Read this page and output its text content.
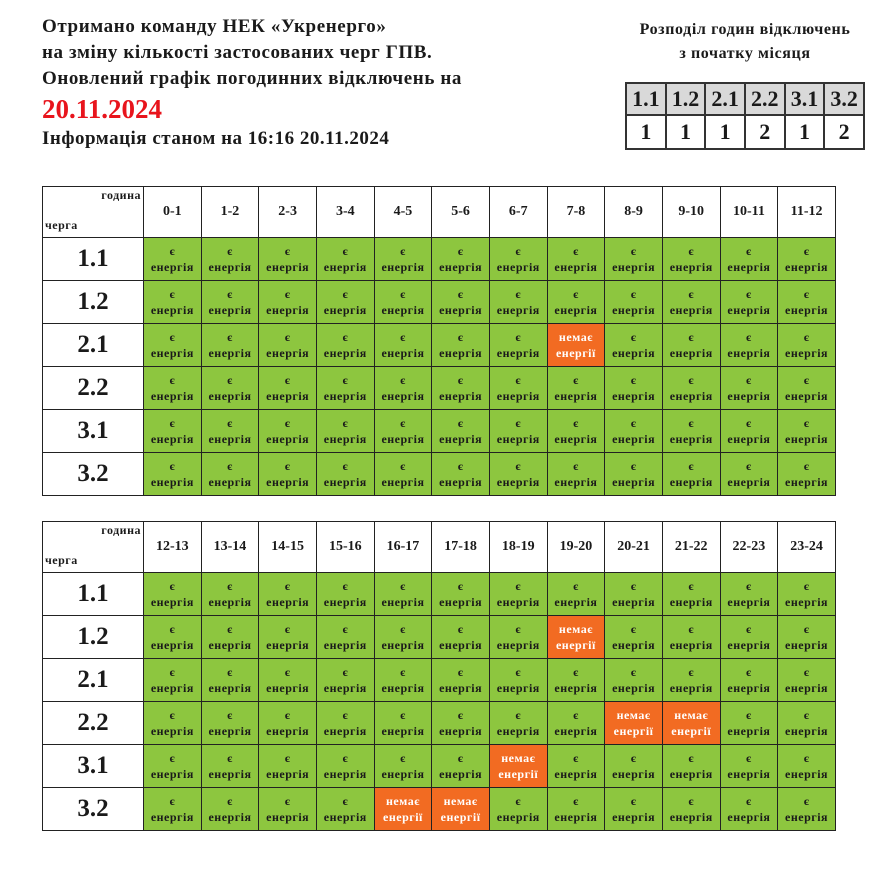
Отримано команду НЕК «Укренерго»
на зміну кількості застосованих черг ГПВ.
Оновлений графік погодинних відключень на
20.11.2024
Інформація станом на 16:16 20.11.2024
Розподіл годин відключень
з початку місяця
1.1	1.2	2.1	2.2	3.1	3.2
1	1	1	2	1	2
година
черга	0-1	1-2	2-3	3-4	4-5	5-6	6-7	7-8	8-9	9-10	10-11	11-12
1.1	є
енергія	є
енергія	є
енергія	є
енергія	є
енергія	є
енергія	є
енергія	є
енергія	є
енергія	є
енергія	є
енергія	є
енергія

1.2	є
енергія	є
енергія	є
енергія	є
енергія	є
енергія	є
енергія	є
енергія	є
енергія	є
енергія	є
енергія	є
енергія	є
енергія

2.1	є
енергія	є
енергія	є
енергія	є
енергія	є
енергія	є
енергія	є
енергія	немає
енергії	є
енергія	є
енергія	є
енергія	є
енергія

2.2	є
енергія	є
енергія	є
енергія	є
енергія	є
енергія	є
енергія	є
енергія	є
енергія	є
енергія	є
енергія	є
енергія	є
енергія

3.1	є
енергія	є
енергія	є
енергія	є
енергія	є
енергія	є
енергія	є
енергія	є
енергія	є
енергія	є
енергія	є
енергія	є
енергія

3.2	є
енергія	є
енергія	є
енергія	є
енергія	є
енергія	є
енергія	є
енергія	є
енергія	є
енергія	є
енергія	є
енергія	є
енергія
година
черга	12-13	13-14	14-15	15-16	16-17	17-18	18-19	19-20	20-21	21-22	22-23	23-24
1.1	є
енергія	є
енергія	є
енергія	є
енергія	є
енергія	є
енергія	є
енергія	є
енергія	є
енергія	є
енергія	є
енергія	є
енергія

1.2	є
енергія	є
енергія	є
енергія	є
енергія	є
енергія	є
енергія	є
енергія	немає
енергії	є
енергія	є
енергія	є
енергія	є
енергія

2.1	є
енергія	є
енергія	є
енергія	є
енергія	є
енергія	є
енергія	є
енергія	є
енергія	є
енергія	є
енергія	є
енергія	є
енергія

2.2	є
енергія	є
енергія	є
енергія	є
енергія	є
енергія	є
енергія	є
енергія	є
енергія	немає
енергії	немає
енергії	є
енергія	є
енергія

3.1	є
енергія	є
енергія	є
енергія	є
енергія	є
енергія	є
енергія	немає
енергії	є
енергія	є
енергія	є
енергія	є
енергія	є
енергія

3.2	є
енергія	є
енергія	є
енергія	є
енергія	немає
енергії	немає
енергії	є
енергія	є
енергія	є
енергія	є
енергія	є
енергія	є
енергія
